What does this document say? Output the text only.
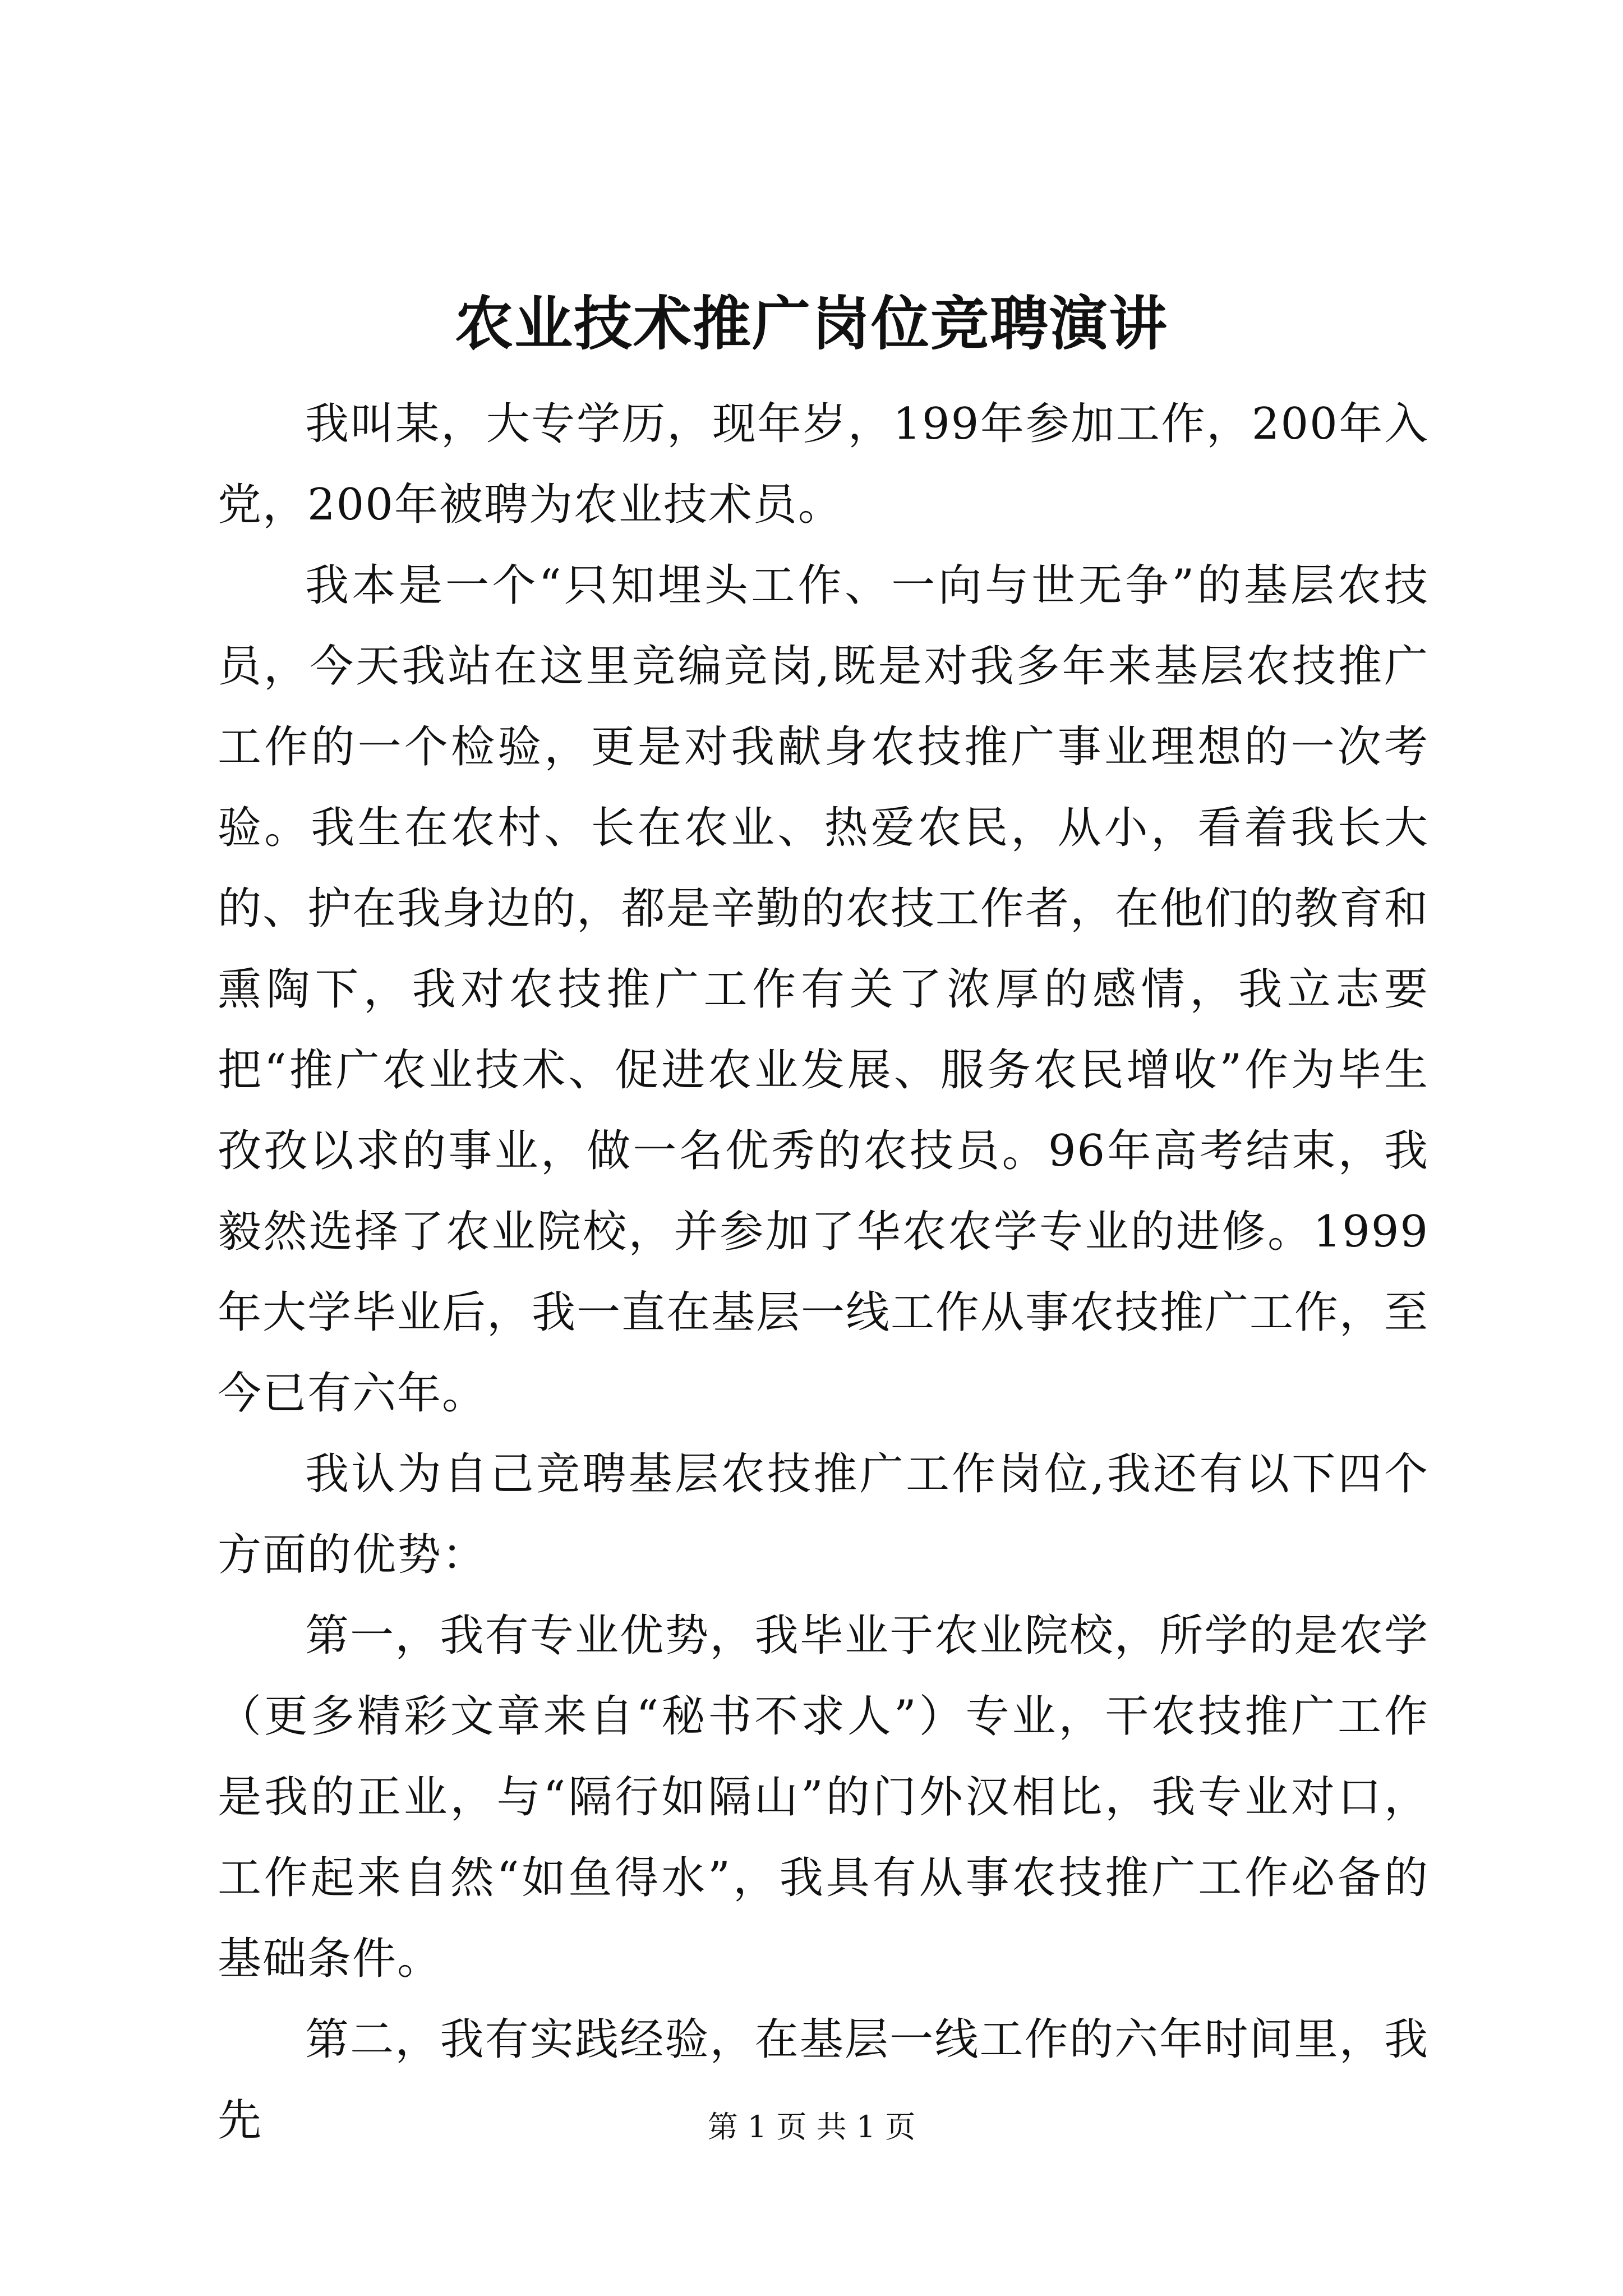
农业技术推广岗位竞聘演讲

我叫某，大专学历，现年岁，199年参加工作，200年入党，200年被聘为农业技术员。

我本是一个“只知埋头工作、一向与世无争”的基层农技员，今天我站在这里竞编竞岗,既是对我多年来基层农技推广工作的一个检验，更是对我献身农技推广事业理想的一次考验。我生在农村、长在农业、热爱农民，从小，看着我长大的、护在我身边的，都是辛勤的农技工作者，在他们的教育和熏陶下，我对农技推广工作有关了浓厚的感情，我立志要把“推广农业技术、促进农业发展、服务农民增收”作为毕生孜孜以求的事业，做一名优秀的农技员。96年高考结束，我毅然选择了农业院校，并参加了华农农学专业的进修。1999年大学毕业后，我一直在基层一线工作从事农技推广工作，至今已有六年。

我认为自己竞聘基层农技推广工作岗位,我还有以下四个方面的优势：

第一，我有专业优势，我毕业于农业院校，所学的是农学（更多精彩文章来自“秘书不求人”）专业，干农技推广工作是我的正业，与“隔行如隔山”的门外汉相比，我专业对口，工作起来自然“如鱼得水”，我具有从事农技推广工作必备的基础条件。

第二，我有实践经验，在基层一线工作的六年时间里，我先	第 1 页 共 1 页
